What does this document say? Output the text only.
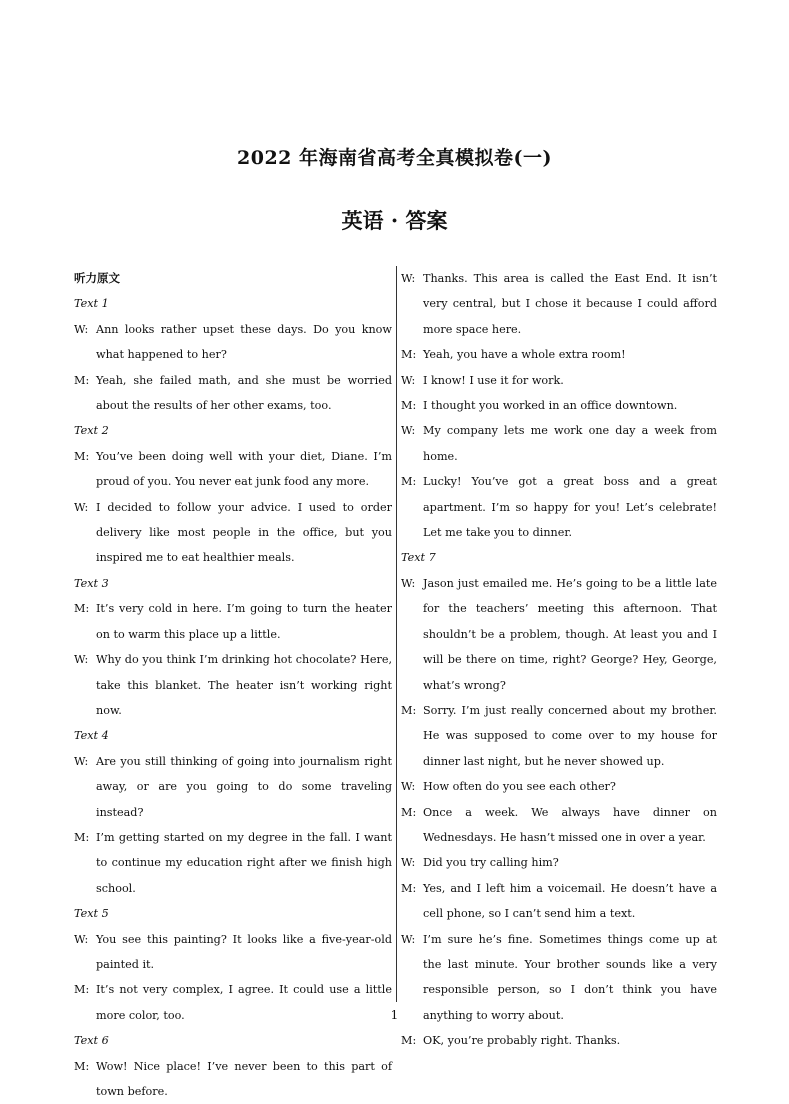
2022 年海南省高考全真模拟卷(一)
英语 · 答案
听力原文
Text 1
W: Ann looks rather upset these days. Do you know what happened to her?
M: Yeah, she failed math, and she must be worried about the results of her other exams, too.
Text 2
M: You’ve been doing well with your diet, Diane. I’m proud of you. You never eat junk food any more.
W: I decided to follow your advice. I used to order delivery like most people in the office, but you inspired me to eat healthier meals.
Text 3
M: It’s very cold in here. I’m going to turn the heater on to warm this place up a little.
W: Why do you think I’m drinking hot chocolate? Here, take this blanket. The heater isn’t working right now.
Text 4
W: Are you still thinking of going into journalism right away, or are you going to do some traveling instead?
M: I’m getting started on my degree in the fall. I want to continue my education right after we finish high school.
Text 5
W: You see this painting? It looks like a five-year-old painted it.
M: It’s not very complex, I agree. It could use a little more color, too.
Text 6
M: Wow! Nice place! I’ve never been to this part of town before.
W: Thanks. This area is called the East End. It isn’t very central, but I chose it because I could afford more space here.
M: Yeah, you have a whole extra room!
W: I know! I use it for work.
M: I thought you worked in an office downtown.
W: My company lets me work one day a week from home.
M: Lucky! You’ve got a great boss and a great apartment. I’m so happy for you! Let’s celebrate! Let me take you to dinner.
Text 7
W: Jason just emailed me. He’s going to be a little late for the teachers’ meeting this afternoon. That shouldn’t be a problem, though. At least you and I will be there on time, right? George? Hey, George, what’s wrong?
M: Sorry. I’m just really concerned about my brother. He was supposed to come over to my house for dinner last night, but he never showed up.
W: How often do you see each other?
M: Once a week. We always have dinner on Wednesdays. He hasn’t missed one in over a year.
W: Did you try calling him?
M: Yes, and I left him a voicemail. He doesn’t have a cell phone, so I can’t send him a text.
W: I’m sure he’s fine. Sometimes things come up at the last minute. Your brother sounds like a very responsible person, so I don’t think you have anything to worry about.
M: OK, you’re probably right. Thanks.
1
